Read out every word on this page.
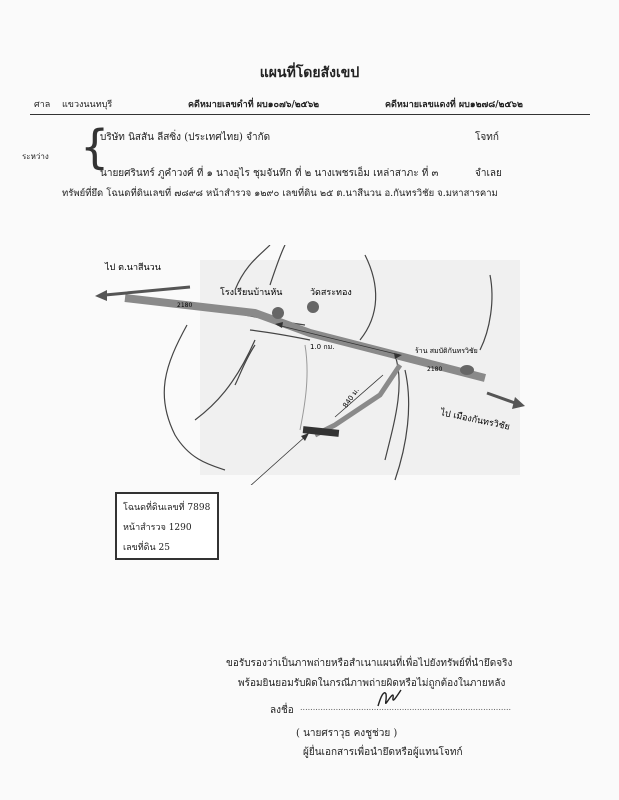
แผนที่โดยสังเขป
ศาล แขวงนนทบุรี	คดีหมายเลขดำที่ ผบ๑๐๗๖/๒๕๖๒	คดีหมายเลขแดงที่ ผบ๑๒๗๘/๒๕๖๒
ระหว่าง {
บริษัท นิสสัน ลีสซิ่ง (ประเทศไทย) จำกัด	โจทก์
นายยศรินทร์ ภูคำวงศ์ ที่ ๑ นางอุไร ชุมจันทึก ที่ ๒ นางเพชรเอ็ม เหล่าสาภะ ที่ ๓	จำเลย
ทรัพย์ที่ยึด โฉนดที่ดินเลขที่ ๗๘๙๘ หน้าสำรวจ ๑๒๙๐ เลขที่ดิน ๒๕ ต.นาสีนวน อ.กันทรวิชัย จ.มหาสารคาม
ไป ต.นาสีนวน
โรงเรียนบ้านหัน	วัดสระทอง
ร้าน สมบัติกันทรวิชัย
1.0 กม.
840 ม.
ไป เมืองกันทรวิชัย
2180
2180
โฉนดที่ดินเลขที่ 7898
หน้าสำรวจ 1290
เลขที่ดิน 25
ขอรับรองว่าเป็นภาพถ่ายหรือสำเนาแผนที่เพื่อไปยังทรัพย์ที่นำยึดจริง
พร้อมยินยอมรับผิดในกรณีภาพถ่ายผิดหรือไม่ถูกต้องในภายหลัง
ลงชื่อ ...................................................................................
( นายศราวุธ คงชูช่วย )
ผู้ยื่นเอกสารเพื่อนำยึดหรือผู้แทนโจทก์
